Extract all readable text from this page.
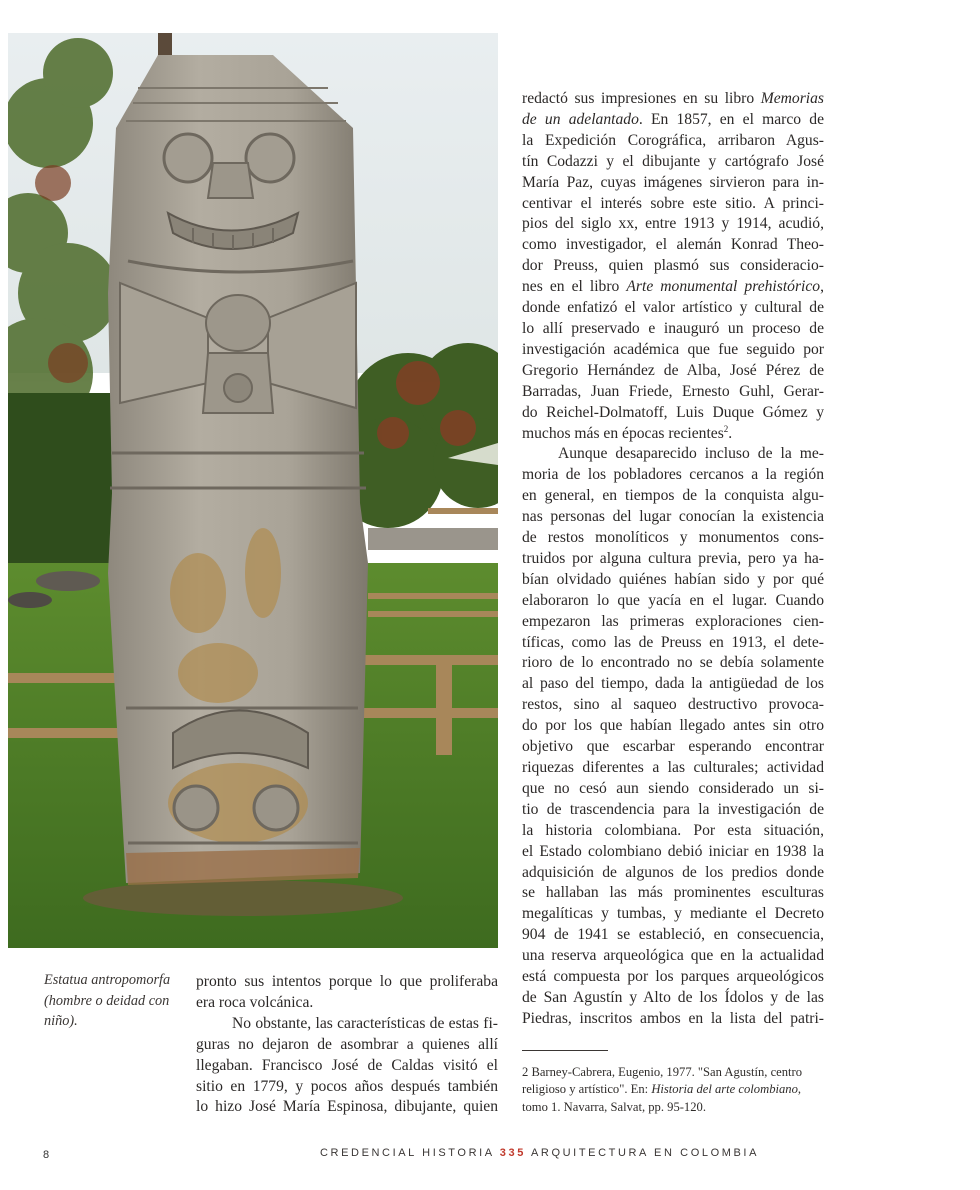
Estatua antropomorfa
(hombre o deidad con
niño).
pronto sus intentos porque lo que proliferaba
era roca volcánica.
No obstante, las características de estas fi-
guras no dejaron de asombrar a quienes allí
llegaban. Francisco José de Caldas visitó el
sitio en 1779, y pocos años después también
lo hizo José María Espinosa, dibujante, quien
redactó sus impresiones en su libro Memorias
de un adelantado. En 1857, en el marco de
la Expedición Corográfica, arribaron Agus-
tín Codazzi y el dibujante y cartógrafo José
María Paz, cuyas imágenes sirvieron para in-
centivar el interés sobre este sitio. A princi-
pios del siglo xx, entre 1913 y 1914, acudió,
como investigador, el alemán Konrad Theo-
dor Preuss, quien plasmó sus consideracio-
nes en el libro Arte monumental prehistórico,
donde enfatizó el valor artístico y cultural de
lo allí preservado e inauguró un proceso de
investigación académica que fue seguido por
Gregorio Hernández de Alba, José Pérez de
Barradas, Juan Friede, Ernesto Guhl, Gerar-
do Reichel-Dolmatoff, Luis Duque Gómez y
muchos más en épocas recientes$^2$.
Aunque desaparecido incluso de la me-
moria de los pobladores cercanos a la región
en general, en tiempos de la conquista algu-
nas personas del lugar conocían la existencia
de restos monolíticos y monumentos cons-
truidos por alguna cultura previa, pero ya ha-
bían olvidado quiénes habían sido y por qué
elaboraron lo que yacía en el lugar. Cuando
empezaron las primeras exploraciones cien-
tíficas, como las de Preuss en 1913, el dete-
rioro de lo encontrado no se debía solamente
al paso del tiempo, dada la antigüedad de los
restos, sino al saqueo destructivo provoca-
do por los que habían llegado antes sin otro
objetivo que escarbar esperando encontrar
riquezas diferentes a las culturales; actividad
que no cesó aun siendo considerado un si-
tio de trascendencia para la investigación de
la historia colombiana. Por esta situación,
el Estado colombiano debió iniciar en 1938 la
adquisición de algunos de los predios donde
se hallaban las más prominentes esculturas
megalíticas y tumbas, y mediante el Decreto
904 de 1941 se estableció, en consecuencia,
una reserva arqueológica que en la actualidad
está compuesta por los parques arqueológicos
de San Agustín y Alto de los Ídolos y de las
Piedras, inscritos ambos en la lista del patri-
2 Barney-Cabrera, Eugenio, 1977. "San Agustín, centro
religioso y artístico". En: Historia del arte colombiano,
tomo 1. Navarra, Salvat, pp. 95-120.
8	CREDENCIAL HISTORIA 335 ARQUITECTURA EN COLOMBIA
